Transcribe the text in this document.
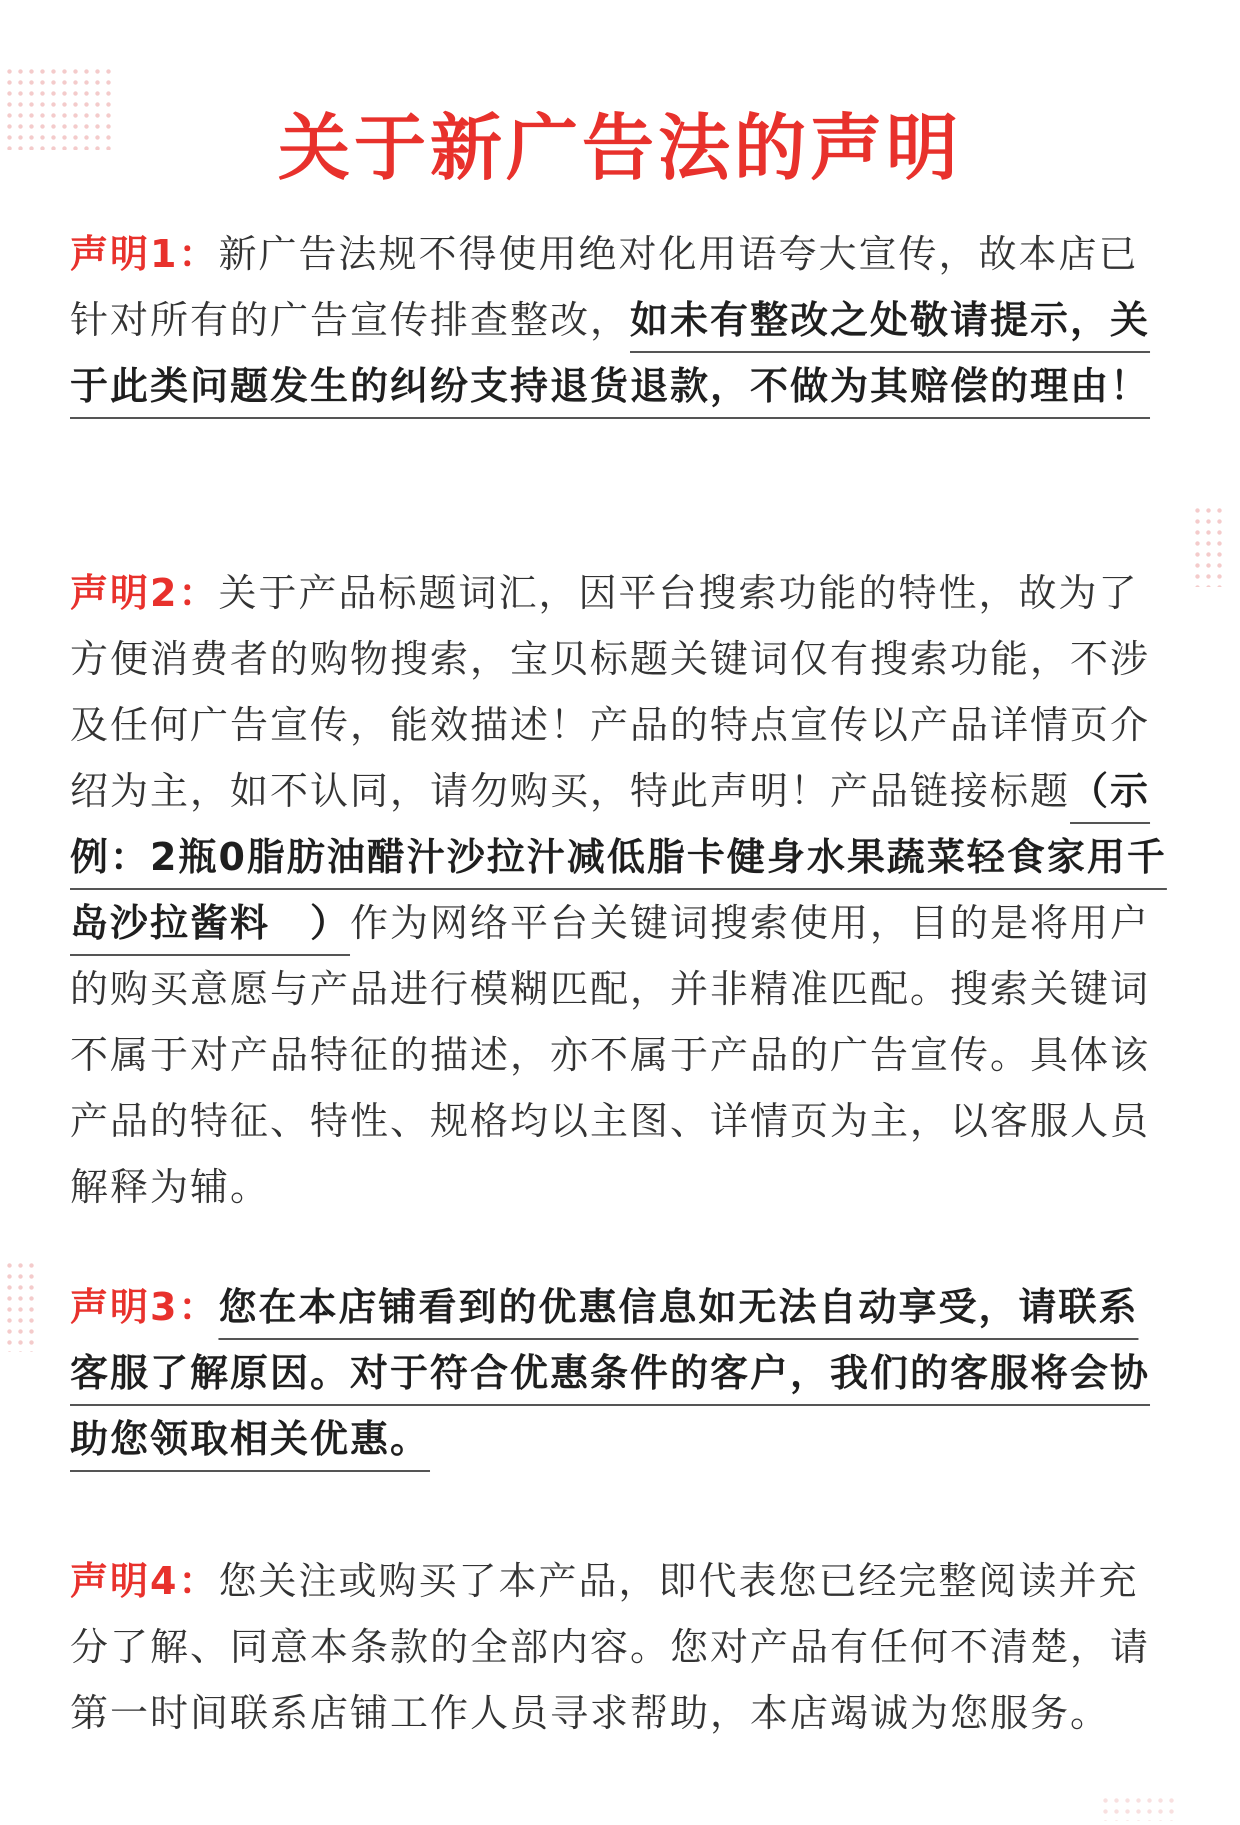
关于新广告法的声明
声明1：新广告法规不得使用绝对化用语夸大宣传，故本店已针对所有的广告宣传排查整改，如未有整改之处敬请提示，关于此类问题发生的纠纷支持退货退款，不做为其赔偿的理由！
声明2：关于产品标题词汇，因平台搜索功能的特性，故为了方便消费者的购物搜索，宝贝标题关键词仅有搜索功能，不涉及任何广告宣传，能效描述！产品的特点宣传以产品详情页介绍为主，如不认同，请勿购买，特此声明！产品链接标题（示例：2瓶0脂肪油醋汁沙拉汁减低脂卡健身水果蔬菜轻食家用千岛沙拉酱料　）作为网络平台关键词搜索使用，目的是将用户的购买意愿与产品进行模糊匹配，并非精准匹配。搜索关键词不属于对产品特征的描述，亦不属于产品的广告宣传。具体该产品的特征、特性、规格均以主图、详情页为主，以客服人员解释为辅。
声明3：您在本店铺看到的优惠信息如无法自动享受，请联系客服了解原因。对于符合优惠条件的客户，我们的客服将会协助您领取相关优惠。
声明4：您关注或购买了本产品，即代表您已经完整阅读并充分了解、同意本条款的全部内容。您对产品有任何不清楚，请第一时间联系店铺工作人员寻求帮助，本店竭诚为您服务。
